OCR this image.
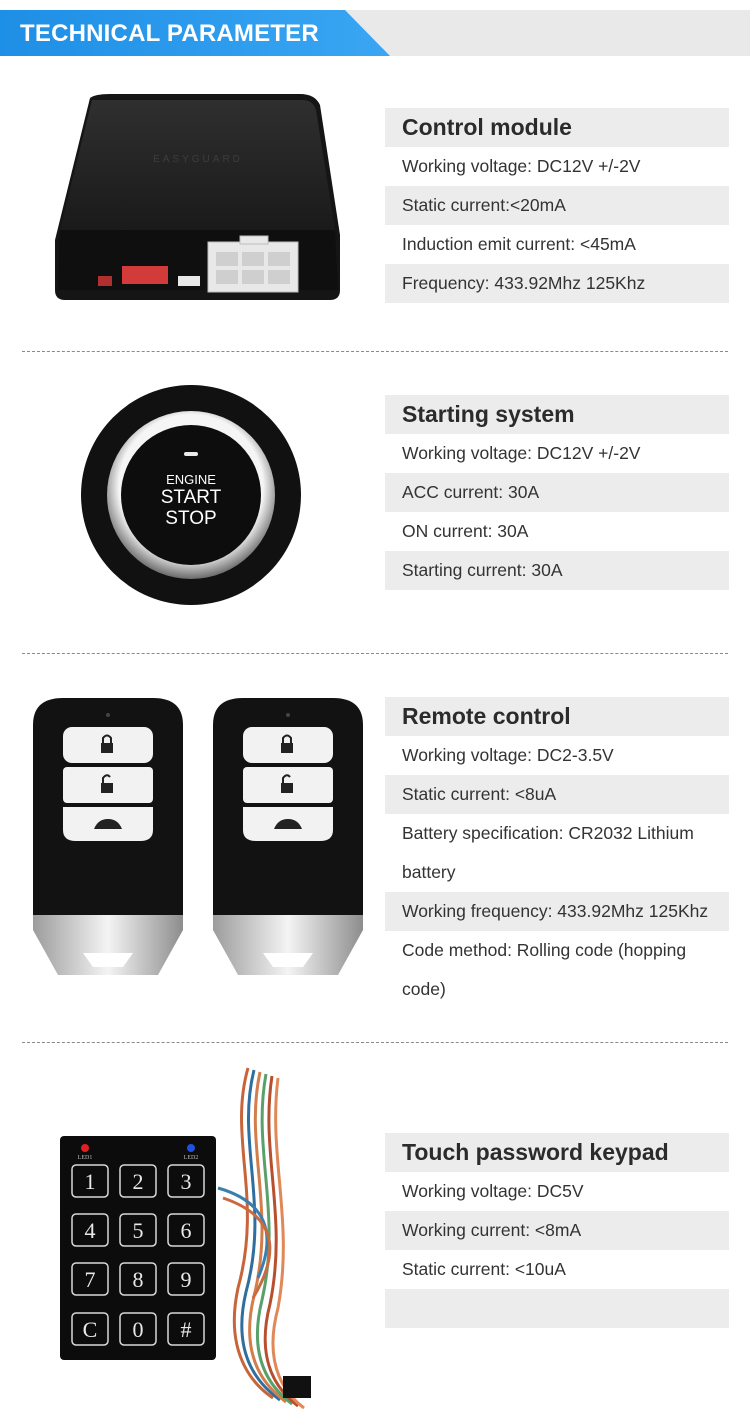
TECHNICAL PARAMETER
EASYGUARD
Control module
Working voltage: DC12V +/-2V
Static current:<20mA
Induction emit current: <45mA
Frequency: 433.92Mhz 125Khz
ENGINE
START
STOP
Starting system
Working voltage: DC12V +/-2V
ACC current: 30A
ON current: 30A
Starting current: 30A
Remote control
Working voltage: DC2-3.5V
Static current: <8uA
Battery specification: CR2032 Lithium battery
Working frequency: 433.92Mhz 125Khz
Code method: Rolling code (hopping code)
LED1	LED2
1 2 3
4 5 6
7 8 9
C 0 #
Touch password keypad
Working voltage: DC5V
Working current: <8mA
Static current: <10uA
